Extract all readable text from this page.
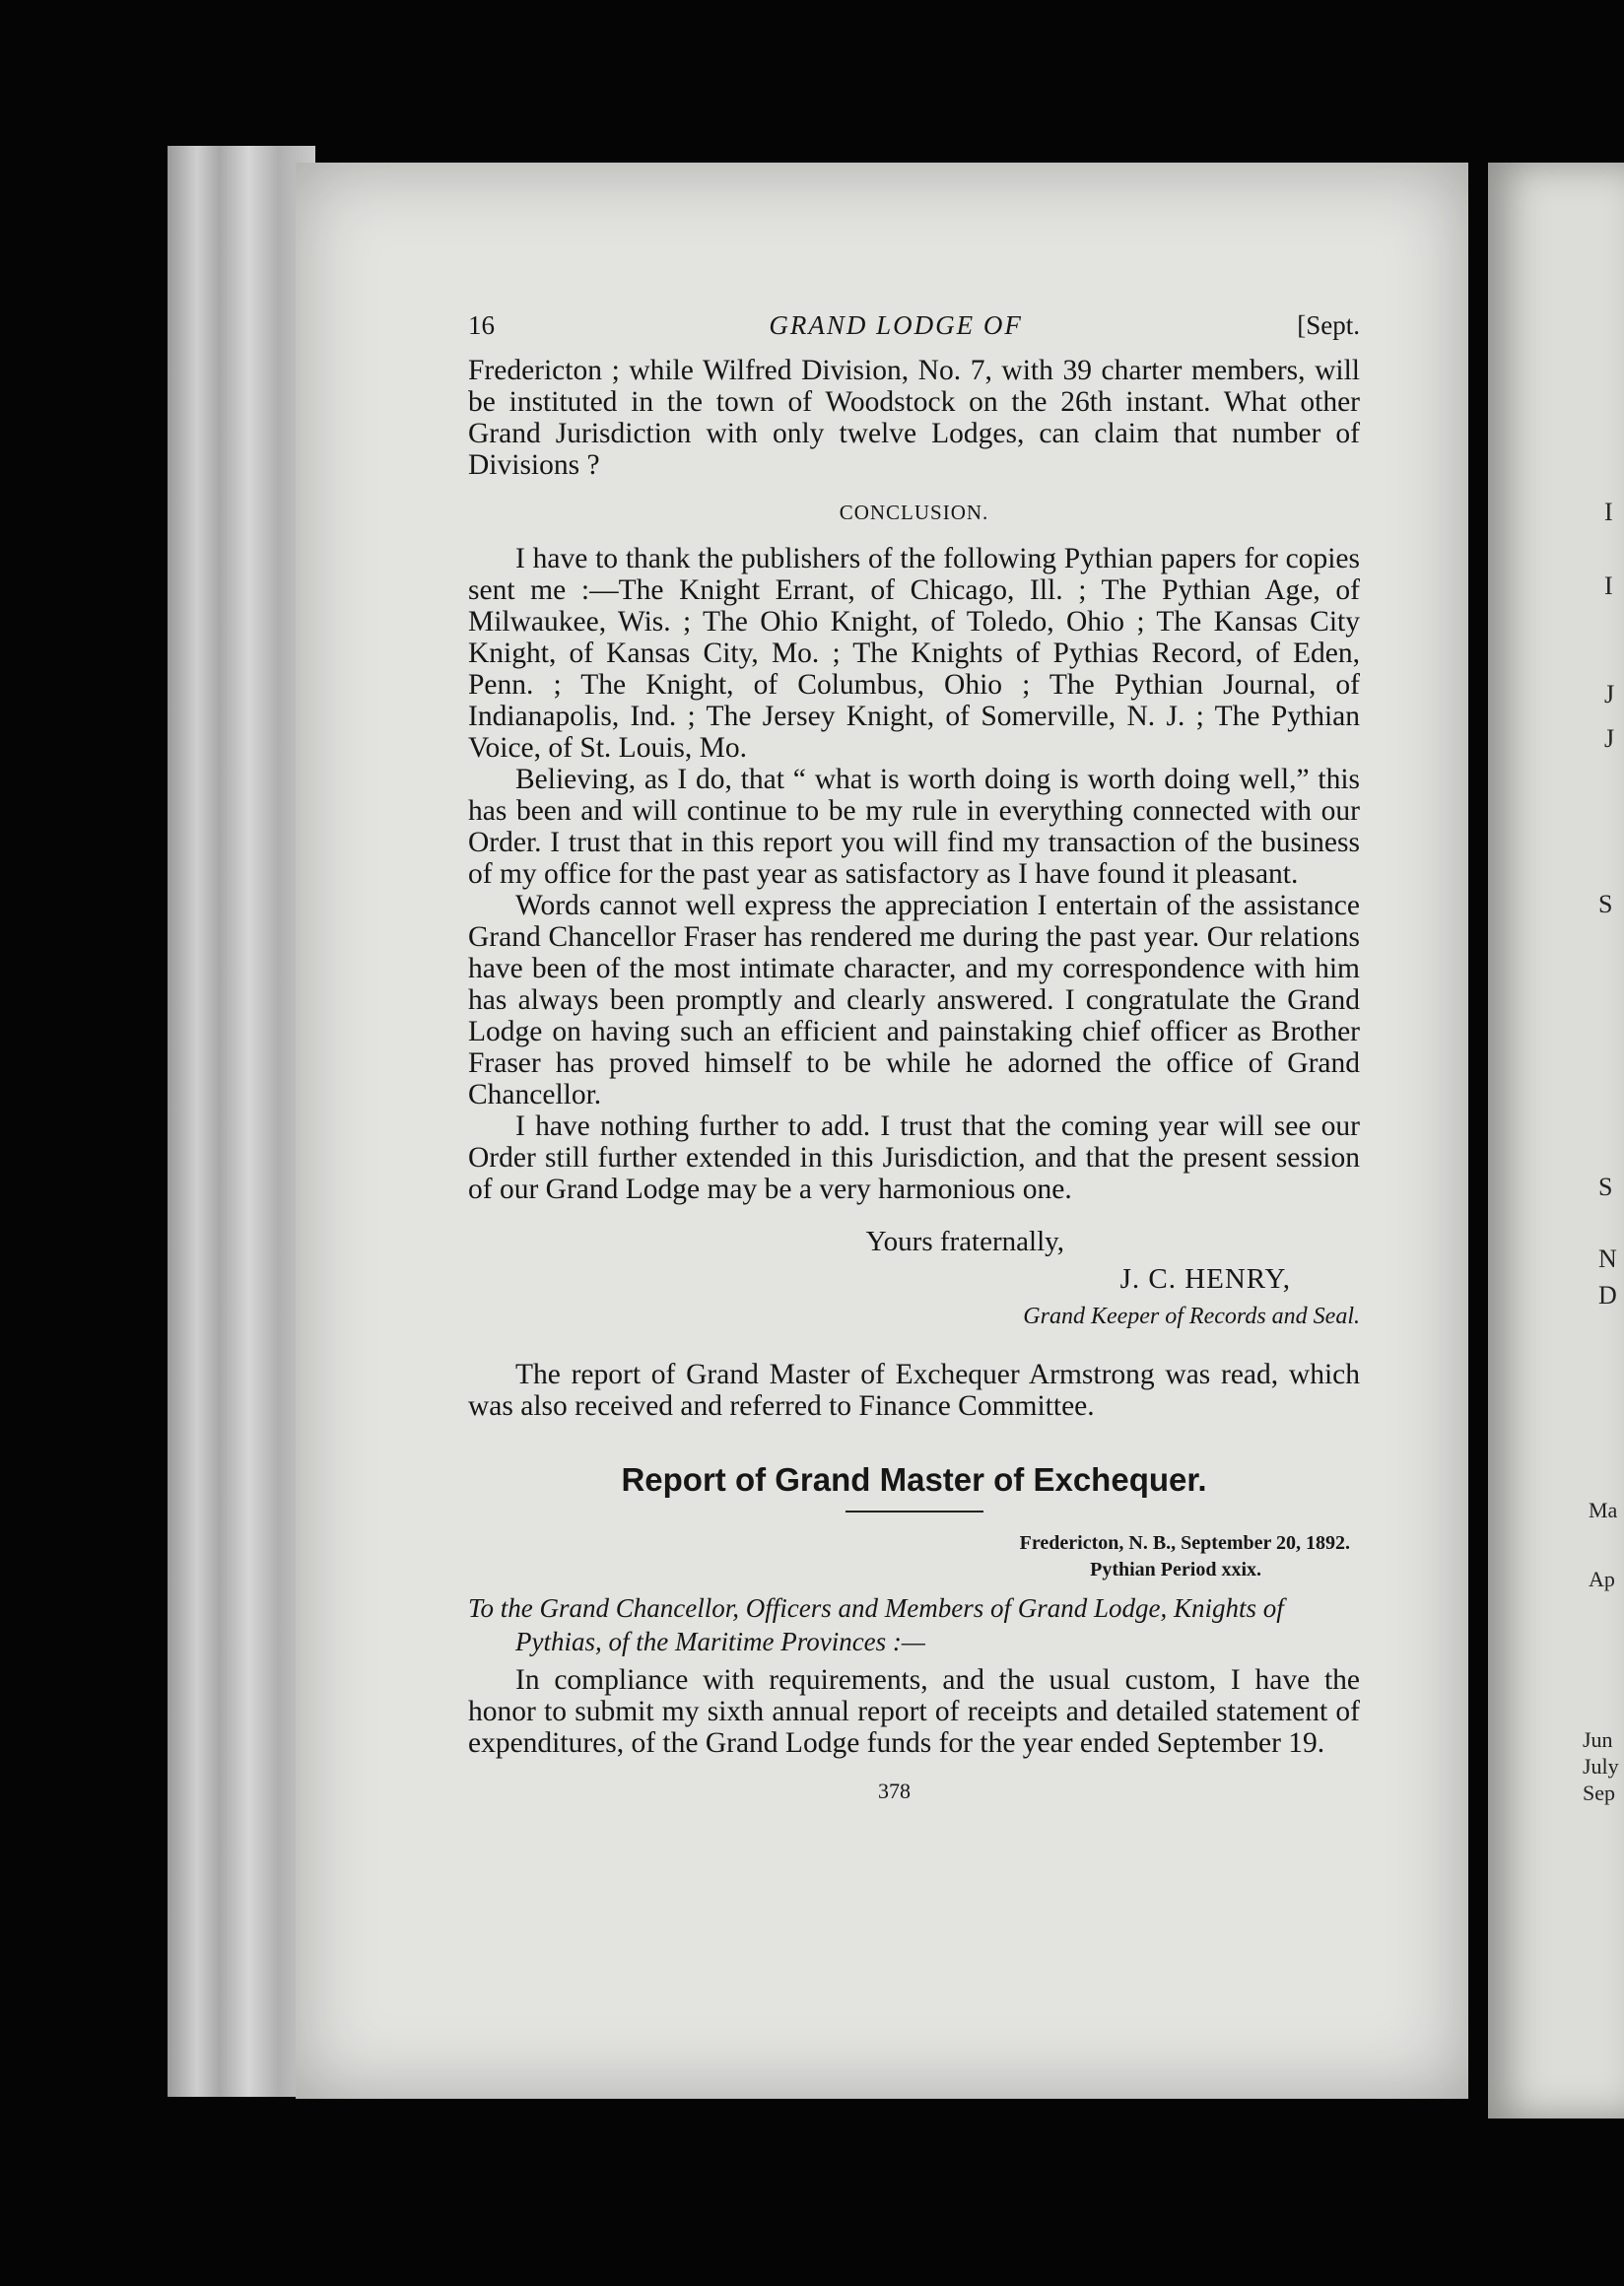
16	GRAND LODGE OF	[Sept.

Fredericton ; while Wilfred Division, No. 7, with 39 charter members, will be instituted in the town of Woodstock on the 26th instant. What other Grand Jurisdiction with only twelve Lodges, can claim that number of Divisions ?

CONCLUSION.

I have to thank the publishers of the following Pythian papers for copies sent me :—The Knight Errant, of Chicago, Ill. ; The Pythian Age, of Milwaukee, Wis. ; The Ohio Knight, of Toledo, Ohio ; The Kansas City Knight, of Kansas City, Mo. ; The Knights of Pythias Record, of Eden, Penn. ; The Knight, of Columbus, Ohio ; The Pythian Journal, of Indianapolis, Ind. ; The Jersey Knight, of Somerville, N. J. ; The Pythian Voice, of St. Louis, Mo.

Believing, as I do, that “ what is worth doing is worth doing well,” this has been and will continue to be my rule in everything connected with our Order. I trust that in this report you will find my transaction of the business of my office for the past year as satisfactory as I have found it pleasant.

Words cannot well express the appreciation I entertain of the assistance Grand Chancellor Fraser has rendered me during the past year. Our relations have been of the most intimate character, and my correspondence with him has always been promptly and clearly answered. I congratulate the Grand Lodge on having such an efficient and painstaking chief officer as Brother Fraser has proved himself to be while he adorned the office of Grand Chancellor.

I have nothing further to add. I trust that the coming year will see our Order still further extended in this Jurisdiction, and that the present session of our Grand Lodge may be a very harmonious one.

Yours fraternally,
J. C. HENRY,
Grand Keeper of Records and Seal.

The report of Grand Master of Exchequer Armstrong was read, which was also received and referred to Finance Committee.

Report of Grand Master of Exchequer.
Fredericton, N. B., September 20, 1892.
Pythian Period xxix.
To the Grand Chancellor, Officers and Members of Grand Lodge, Knights of
Pythias, of the Maritime Provinces :—

In compliance with requirements, and the usual custom, I have the honor to submit my sixth annual report of receipts and detailed statement of expenditures, of the Grand Lodge funds for the year ended September 19.

378
I
I
J
J
S
S
N
D
Ma
Ap
Jun
July
Sep
